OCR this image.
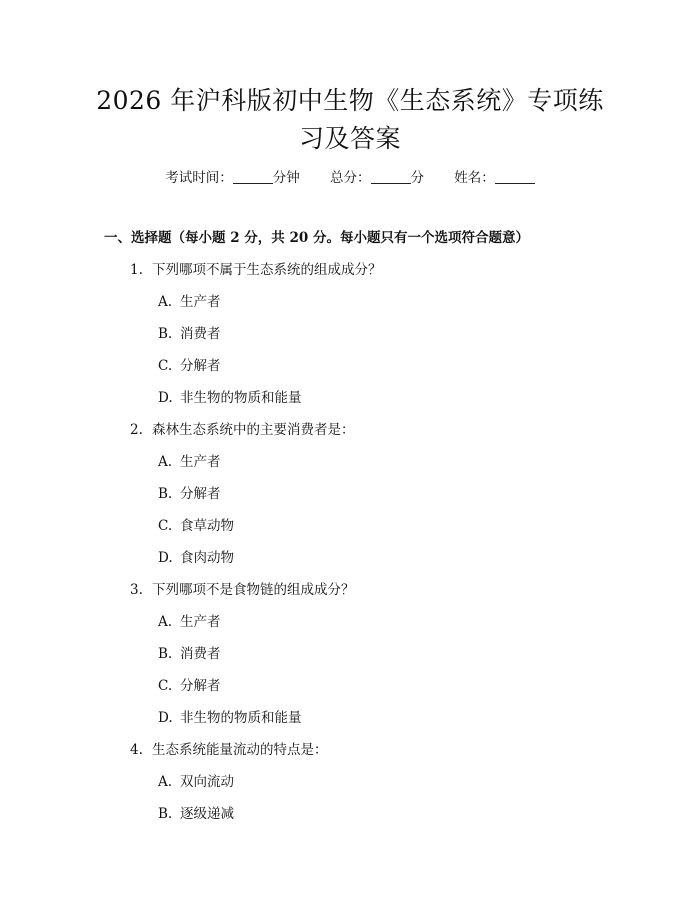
2026 年沪科版初中生物《生态系统》专项练
习及答案
考试时间：	分钟 总分：	分 姓名：
一、选择题（每小题 2 分，共 20 分。每小题只有一个选项符合题意）
1. 下列哪项不属于生态系统的组成成分？
A. 生产者
B. 消费者
C. 分解者
D. 非生物的物质和能量
2. 森林生态系统中的主要消费者是：
A. 生产者
B. 分解者
C. 食草动物
D. 食肉动物
3. 下列哪项不是食物链的组成成分？
A. 生产者
B. 消费者
C. 分解者
D. 非生物的物质和能量
4. 生态系统能量流动的特点是：
A. 双向流动
B. 逐级递减
